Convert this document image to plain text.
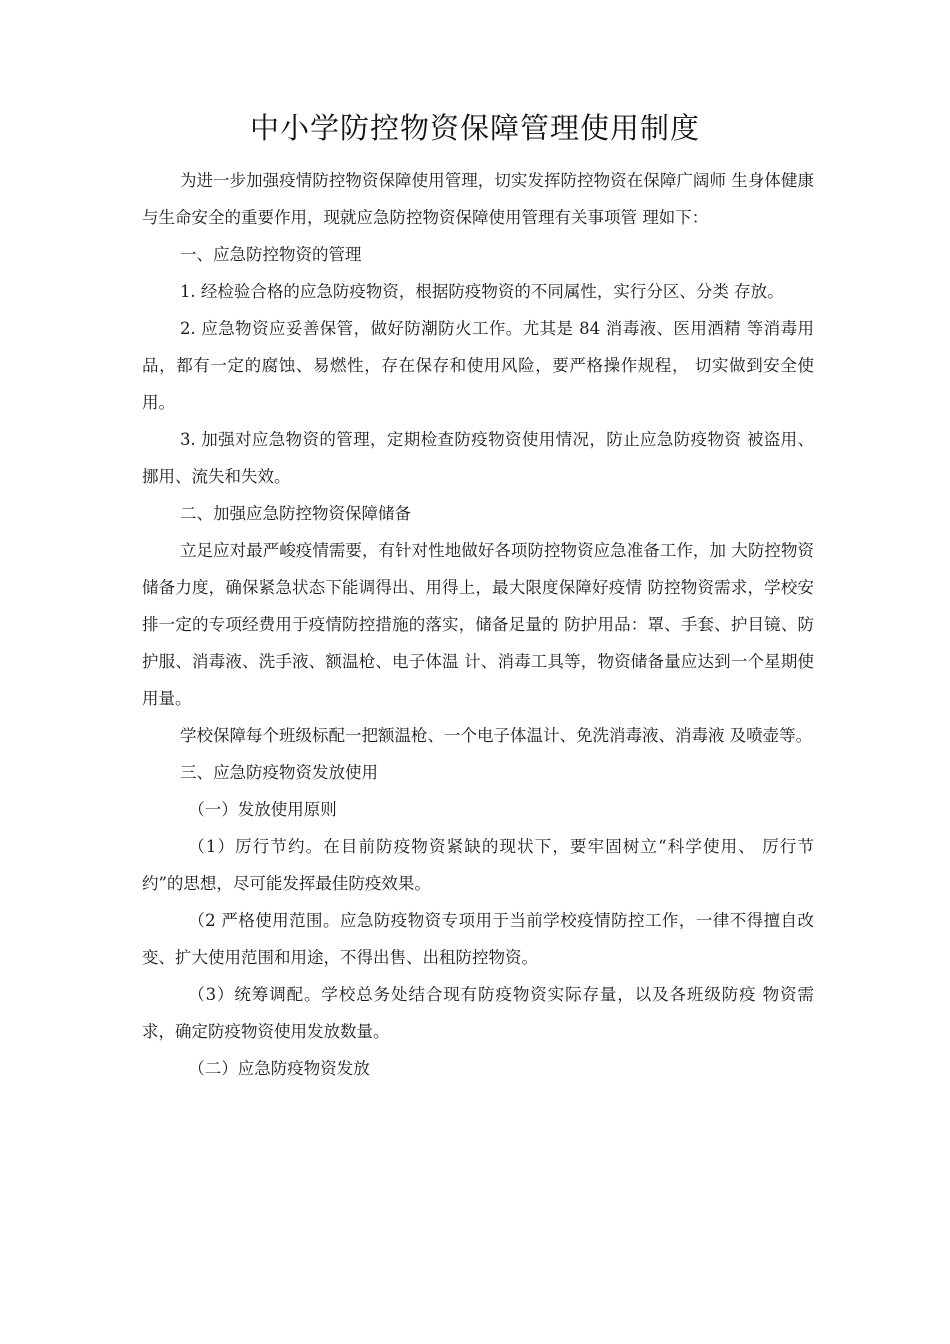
中小学防控物资保障管理使用制度

为进一步加强疫情防控物资保障使用管理，切实发挥防控物资在保障广阔师 生身体健康与生命安全的重要作用，现就应急防控物资保障使用管理有关事项管 理如下：

一、应急防控物资的管理

1. 经检验合格的应急防疫物资，根据防疫物资的不同属性，实行分区、分类 存放。

2. 应急物资应妥善保管，做好防潮防火工作。尤其是 84 消毒液、医用酒精 等消毒用品，都有一定的腐蚀、易燃性，存在保存和使用风险，要严格操作规程， 切实做到安全使用。

3. 加强对应急物资的管理，定期检查防疫物资使用情况，防止应急防疫物资 被盗用、挪用、流失和失效。

二、加强应急防控物资保障储备

立足应对最严峻疫情需要，有针对性地做好各项防控物资应急准备工作，加 大防控物资储备力度，确保紧急状态下能调得出、用得上，最大限度保障好疫情 防控物资需求，学校安排一定的专项经费用于疫情防控措施的落实，储备足量的 防护用品：罩、手套、护目镜、防护服、消毒液、洗手液、额温枪、电子体温 计、消毒工具等，物资储备量应达到一个星期使用量。

学校保障每个班级标配一把额温枪、一个电子体温计、免洗消毒液、消毒液 及喷壶等。

三、应急防疫物资发放使用

（一）发放使用原则

（1）厉行节约。在目前防疫物资紧缺的现状下，要牢固树立“科学使用、 厉行节约”的思想，尽可能发挥最佳防疫效果。

（2 严格使用范围。应急防疫物资专项用于当前学校疫情防控工作，一律不得擅自改变、扩大使用范围和用途，不得出售、出租防控物资。

（3）统筹调配。学校总务处结合现有防疫物资实际存量，以及各班级防疫 物资需求，确定防疫物资使用发放数量。

（二）应急防疫物资发放
